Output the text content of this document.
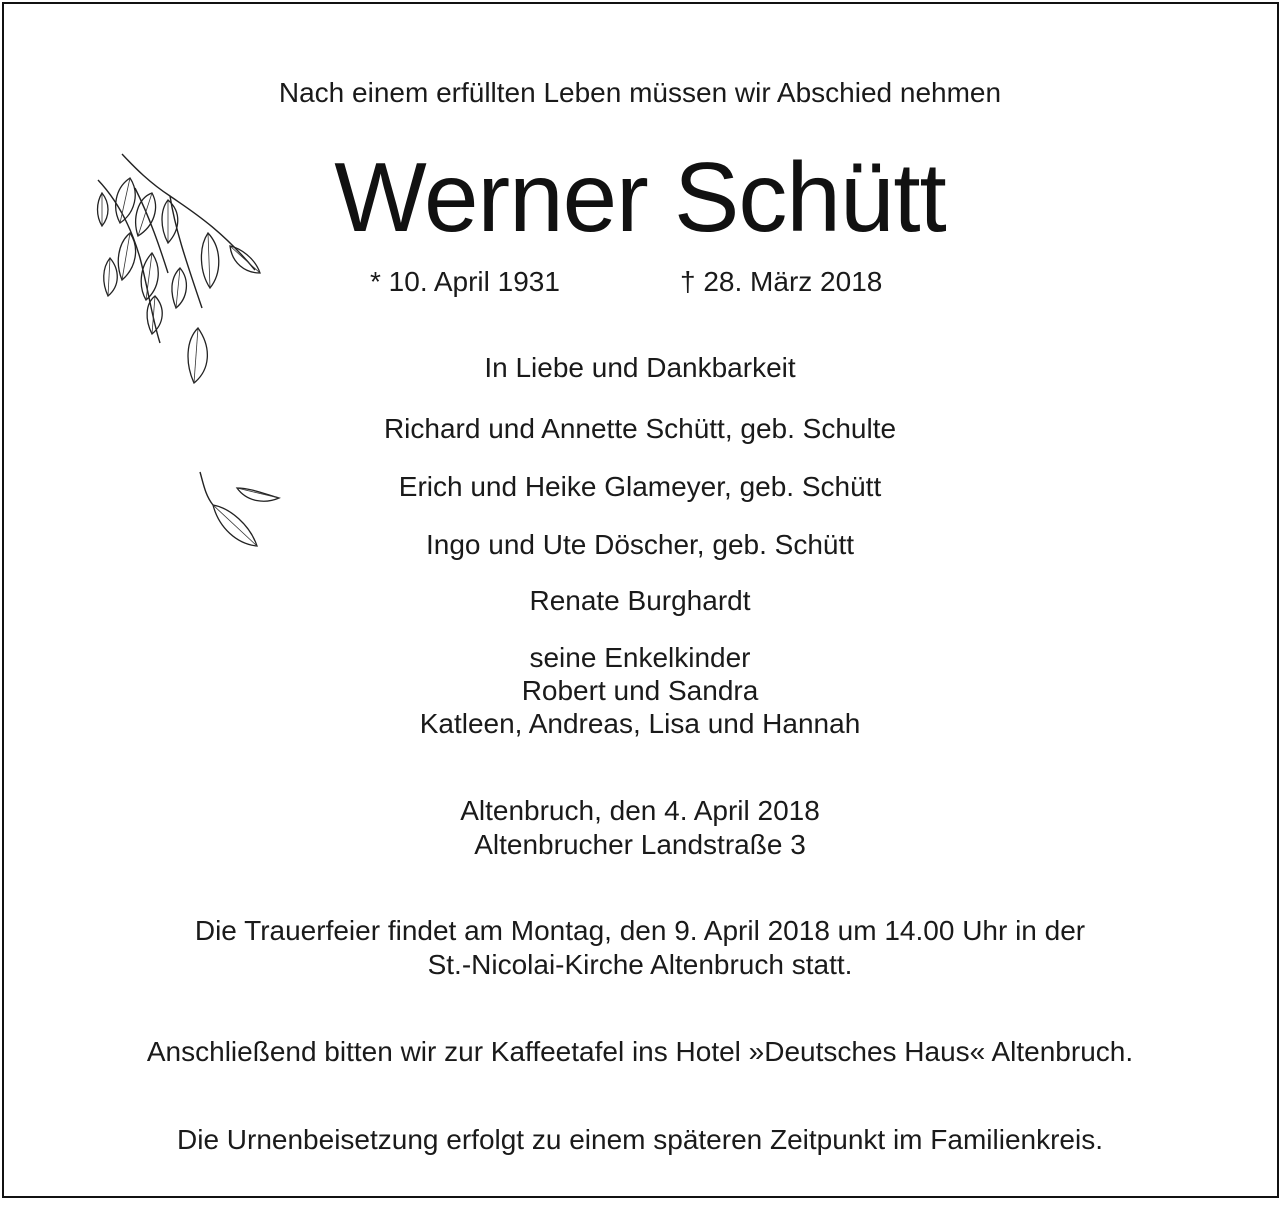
Nach einem erfüllten Leben müssen wir Abschied nehmen
Werner Schütt
* 10. April 1931	† 28. März 2018
In Liebe und Dankbarkeit
Richard und Annette Schütt, geb. Schulte
Erich und Heike Glameyer, geb. Schütt
Ingo und Ute Döscher, geb. Schütt
Renate Burghardt
seine Enkelkinder
Robert und Sandra
Katleen, Andreas, Lisa und Hannah
Altenbruch, den 4. April 2018
Altenbrucher Landstraße 3
Die Trauerfeier findet am Montag, den 9. April 2018 um 14.00 Uhr in der
St.-Nicolai-Kirche Altenbruch statt.
Anschließend bitten wir zur Kaffeetafel ins Hotel »Deutsches Haus« Altenbruch.
Die Urnenbeisetzung erfolgt zu einem späteren Zeitpunkt im Familienkreis.
